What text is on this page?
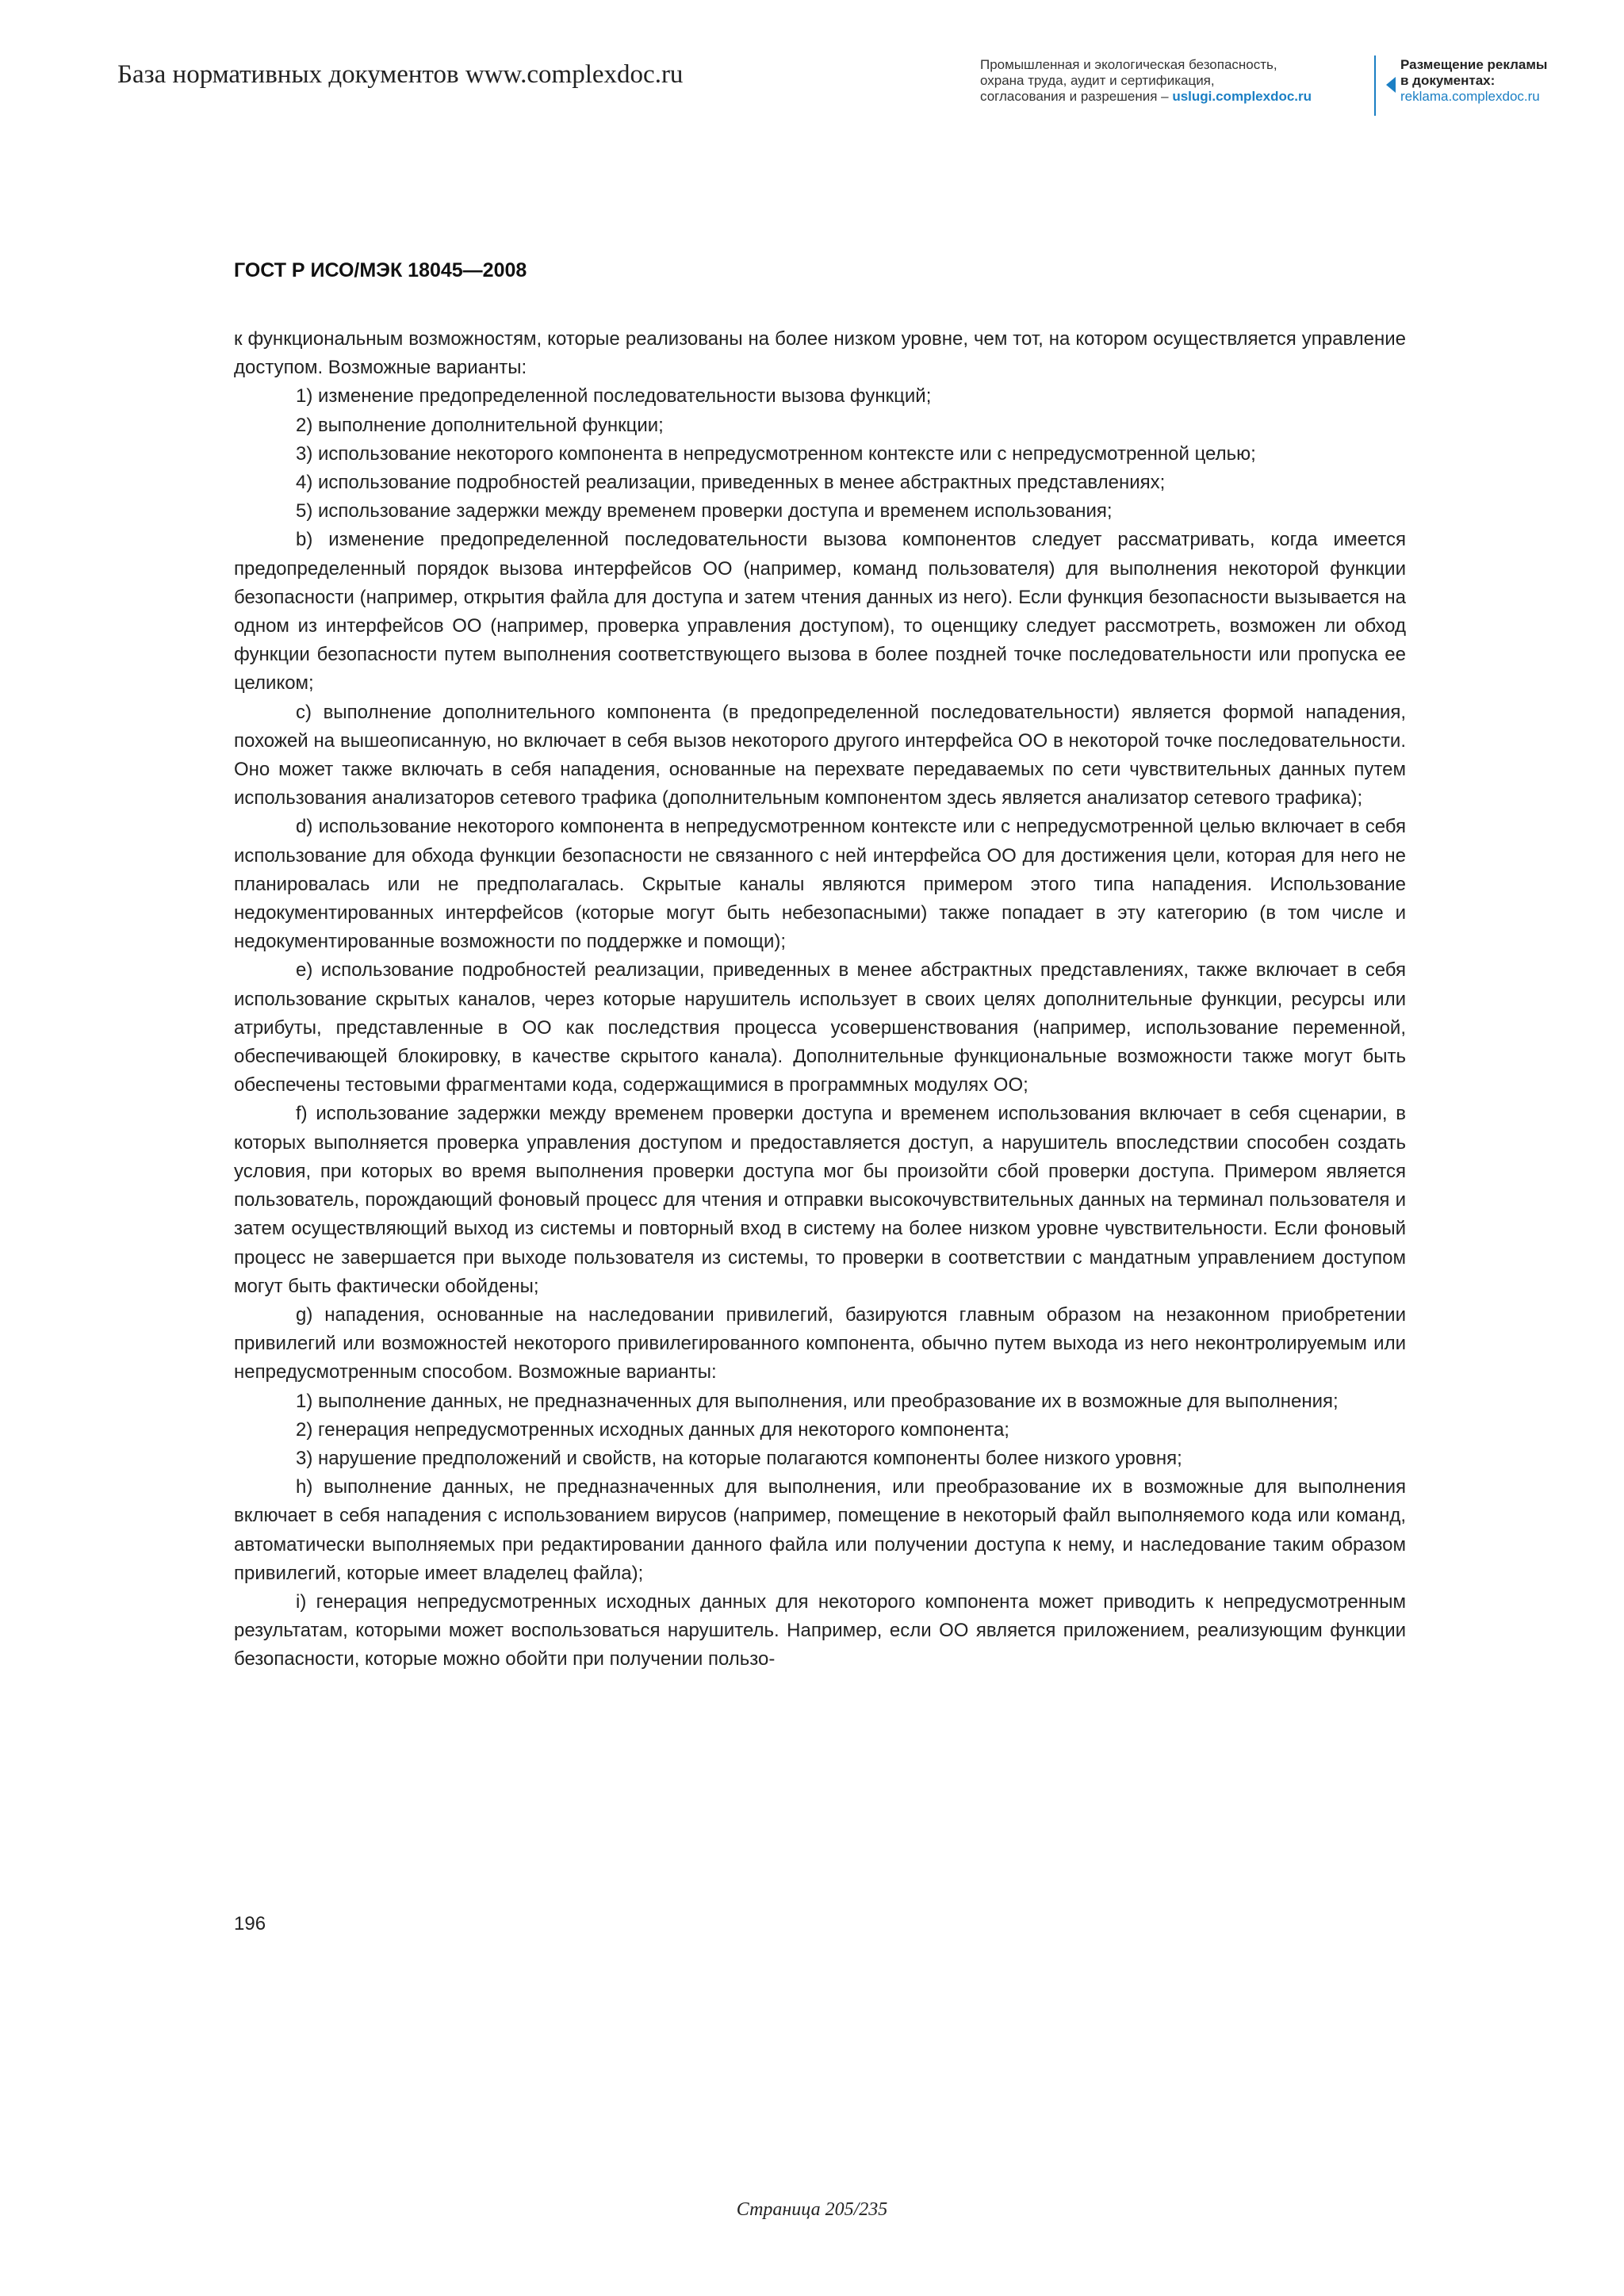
База нормативных документов www.complexdoc.ru	Промышленная и экологическая безопасность,
охрана труда, аудит и сертификация,
согласования и разрешения – uslugi.complexdoc.ru
Размещение рекламы
в документах:
reklama.complexdoc.ru
ГОСТ Р ИСО/МЭК 18045—2008

к функциональным возможностям, которые реализованы на более низком уровне, чем тот, на котором осуществляется управление доступом. Возможные варианты:

1) изменение предопределенной последовательности вызова функций;

2) выполнение дополнительной функции;

3) использование некоторого компонента в непредусмотренном контексте или с непредусмотренной целью;

4) использование подробностей реализации, приведенных в менее абстрактных представлениях;

5) использование задержки между временем проверки доступа и временем использования;

b) изменение предопределенной последовательности вызова компонентов следует рассматривать, когда имеется предопределенный порядок вызова интерфейсов ОО (например, команд пользователя) для выполнения некоторой функции безопасности (например, открытия файла для доступа и затем чтения данных из него). Если функция безопасности вызывается на одном из интерфейсов ОО (например, проверка управления доступом), то оценщику следует рассмотреть, возможен ли обход функции безопасности путем выполнения соответствующего вызова в более поздней точке последовательности или пропуска ее целиком;

c) выполнение дополнительного компонента (в предопределенной последовательности) является формой нападения, похожей на вышеописанную, но включает в себя вызов некоторого другого интерфейса ОО в некоторой точке последовательности. Оно может также включать в себя нападения, основанные на перехвате передаваемых по сети чувствительных данных путем использования анализаторов сетевого трафика (дополнительным компонентом здесь является анализатор сетевого трафика);

d) использование некоторого компонента в непредусмотренном контексте или с непредусмотренной целью включает в себя использование для обхода функции безопасности не связанного с ней интерфейса ОО для достижения цели, которая для него не планировалась или не предполагалась. Скрытые каналы являются примером этого типа нападения. Использование недокументированных интерфейсов (которые могут быть небезопасными) также попадает в эту категорию (в том числе и недокументированные возможности по поддержке и помощи);

e) использование подробностей реализации, приведенных в менее абстрактных представлениях, также включает в себя использование скрытых каналов, через которые нарушитель использует в своих целях дополнительные функции, ресурсы или атрибуты, представленные в ОО как последствия процесса усовершенствования (например, использование переменной, обеспечивающей блокировку, в качестве скрытого канала). Дополнительные функциональные возможности также могут быть обеспечены тестовыми фрагментами кода, содержащимися в программных модулях ОО;

f) использование задержки между временем проверки доступа и временем использования включает в себя сценарии, в которых выполняется проверка управления доступом и предоставляется доступ, а нарушитель впоследствии способен создать условия, при которых во время выполнения проверки доступа мог бы произойти сбой проверки доступа. Примером является пользователь, порождающий фоновый процесс для чтения и отправки высокочувствительных данных на терминал пользователя и затем осуществляющий выход из системы и повторный вход в систему на более низком уровне чувствительности. Если фоновый процесс не завершается при выходе пользователя из системы, то проверки в соответствии с мандатным управлением доступом могут быть фактически обойдены;

g) нападения, основанные на наследовании привилегий, базируются главным образом на незаконном приобретении привилегий или возможностей некоторого привилегированного компонента, обычно путем выхода из него неконтролируемым или непредусмотренным способом. Возможные варианты:

1) выполнение данных, не предназначенных для выполнения, или преобразование их в возможные для выполнения;

2) генерация непредусмотренных исходных данных для некоторого компонента;

3) нарушение предположений и свойств, на которые полагаются компоненты более низкого уровня;

h) выполнение данных, не предназначенных для выполнения, или преобразование их в возможные для выполнения включает в себя нападения с использованием вирусов (например, помещение в некоторый файл выполняемого кода или команд, автоматически выполняемых при редактировании данного файла или получении доступа к нему, и наследование таким образом привилегий, которые имеет владелец файла);

i) генерация непредусмотренных исходных данных для некоторого компонента может приводить к непредусмотренным результатам, которыми может воспользоваться нарушитель. Например, если ОО является приложением, реализующим функции безопасности, которые можно обойти при получении пользо-

196
Страница 205/235
